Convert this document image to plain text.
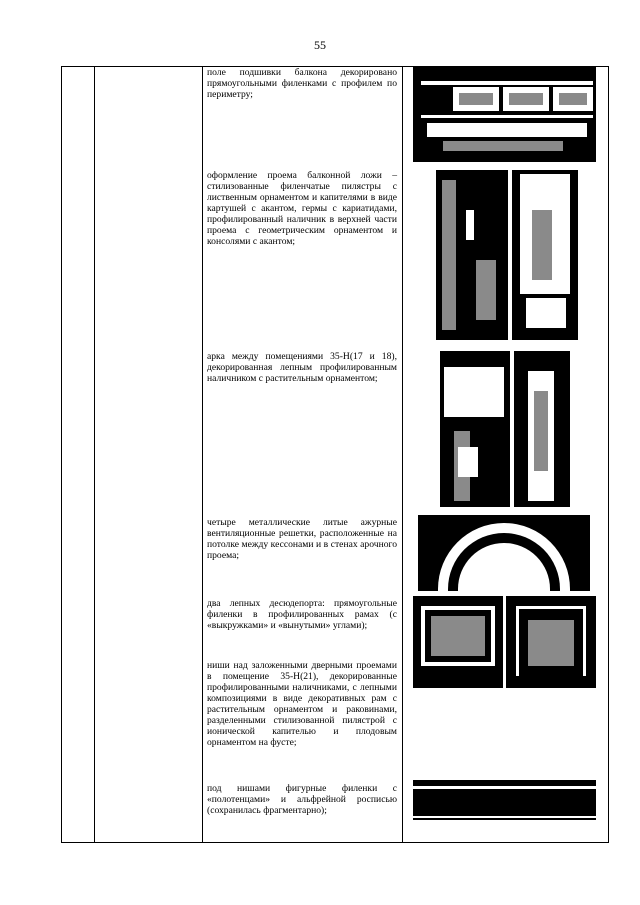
55
поле подшивки балкона декорировано прямоугольными филенками с профилем по периметру;
оформление проема балконной ложи – стилизованные филенчатые пилястры с лиственным орнаментом и капителями в виде картушей с акантом, гермы с кариатидами, профилированный наличник в верхней части проема с геометрическим орнаментом и консолями с акантом;
арка между помещениями 35-Н(17 и 18), декорированная лепным профилированным наличником с растительным орнаментом;
четыре металлические литые ажурные вентиляционные решетки, расположенные на потолке между кессонами и в стенах арочного проема;
два лепных десюдепорта: прямоугольные филенки в профилированных рамах (с «выкружками» и «вынутыми» углами);
ниши над заложенными дверными проемами в помещение 35-Н(21), декорированные профилированными наличниками, с лепными композициями в виде декоративных рам с растительным орнаментом и раковинами, разделенными стилизованной пилястрой с ионической капителью и плодовым орнаментом на фусте;
под нишами фигурные филенки с «полотенцами» и альфрейной росписью (сохранилась фрагментарно);
